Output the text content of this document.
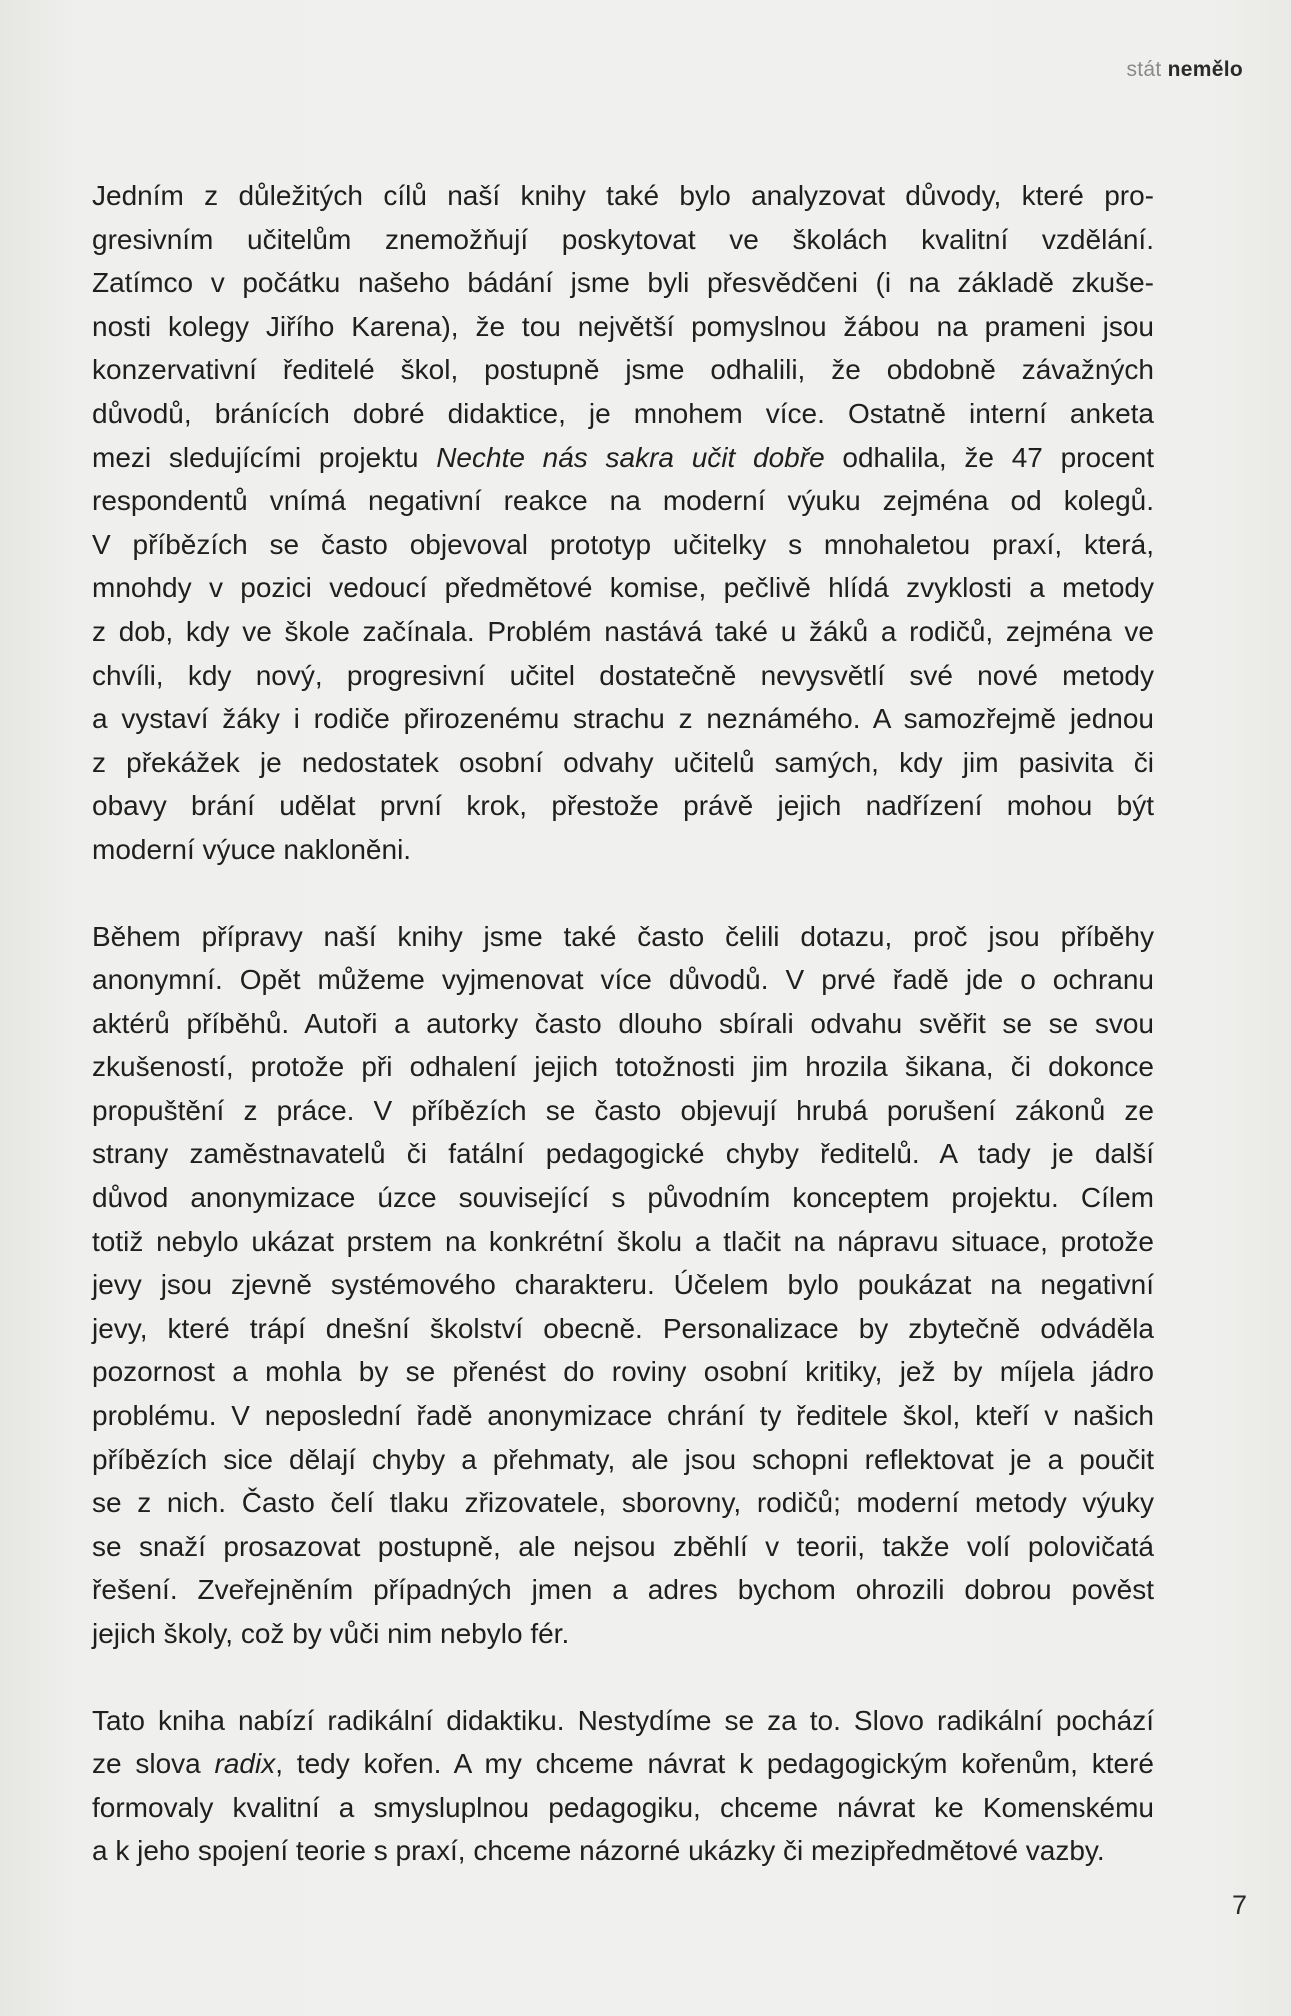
stát nemělo

Jedním z důležitých cílů naší knihy také bylo analyzovat důvody, které pro-
gresivním učitelům znemožňují poskytovat ve školách kvalitní vzdělání.
Zatímco v počátku našeho bádání jsme byli přesvědčeni (i na základě zkuše-
nosti kolegy Jiřího Karena), že tou největší pomyslnou žábou na prameni jsou
konzervativní ředitelé škol, postupně jsme odhalili, že obdobně závažných
důvodů, bránících dobré didaktice, je mnohem více. Ostatně interní anketa
mezi sledujícími projektu Nechte nás sakra učit dobře odhalila, že 47 procent
respondentů vnímá negativní reakce na moderní výuku zejména od kolegů.
V příbězích se často objevoval prototyp učitelky s mnohaletou praxí, která,
mnohdy v pozici vedoucí předmětové komise, pečlivě hlídá zvyklosti a metody
z dob, kdy ve škole začínala. Problém nastává také u žáků a rodičů, zejména ve
chvíli, kdy nový, progresivní učitel dostatečně nevysvětlí své nové metody
a vystaví žáky i rodiče přirozenému strachu z neznámého. A samozřejmě jednou
z překážek je nedostatek osobní odvahy učitelů samých, kdy jim pasivita či
obavy brání udělat první krok, přestože právě jejich nadřízení mohou být
moderní výuce nakloněni.

Během přípravy naší knihy jsme také často čelili dotazu, proč jsou příběhy
anonymní. Opět můžeme vyjmenovat více důvodů. V prvé řadě jde o ochranu
aktérů příběhů. Autoři a autorky často dlouho sbírali odvahu svěřit se se svou
zkušeností, protože při odhalení jejich totožnosti jim hrozila šikana, či dokonce
propuštění z práce. V příbězích se často objevují hrubá porušení zákonů ze
strany zaměstnavatelů či fatální pedagogické chyby ředitelů. A tady je další
důvod anonymizace úzce související s původním konceptem projektu. Cílem
totiž nebylo ukázat prstem na konkrétní školu a tlačit na nápravu situace, protože
jevy jsou zjevně systémového charakteru. Účelem bylo poukázat na negativní
jevy, které trápí dnešní školství obecně. Personalizace by zbytečně odváděla
pozornost a mohla by se přenést do roviny osobní kritiky, jež by míjela jádro
problému. V neposlední řadě anonymizace chrání ty ředitele škol, kteří v našich
příbězích sice dělají chyby a přehmaty, ale jsou schopni reflektovat je a poučit
se z nich. Často čelí tlaku zřizovatele, sborovny, rodičů; moderní metody výuky
se snaží prosazovat postupně, ale nejsou zběhlí v teorii, takže volí polovičatá
řešení. Zveřejněním případných jmen a adres bychom ohrozili dobrou pověst
jejich školy, což by vůči nim nebylo fér.

Tato kniha nabízí radikální didaktiku. Nestydíme se za to. Slovo radikální pochází
ze slova radix, tedy kořen. A my chceme návrat k pedagogickým kořenům, které
formovaly kvalitní a smysluplnou pedagogiku, chceme návrat ke Komenskému
a k jeho spojení teorie s praxí, chceme názorné ukázky či mezipředmětové vazby.

7
